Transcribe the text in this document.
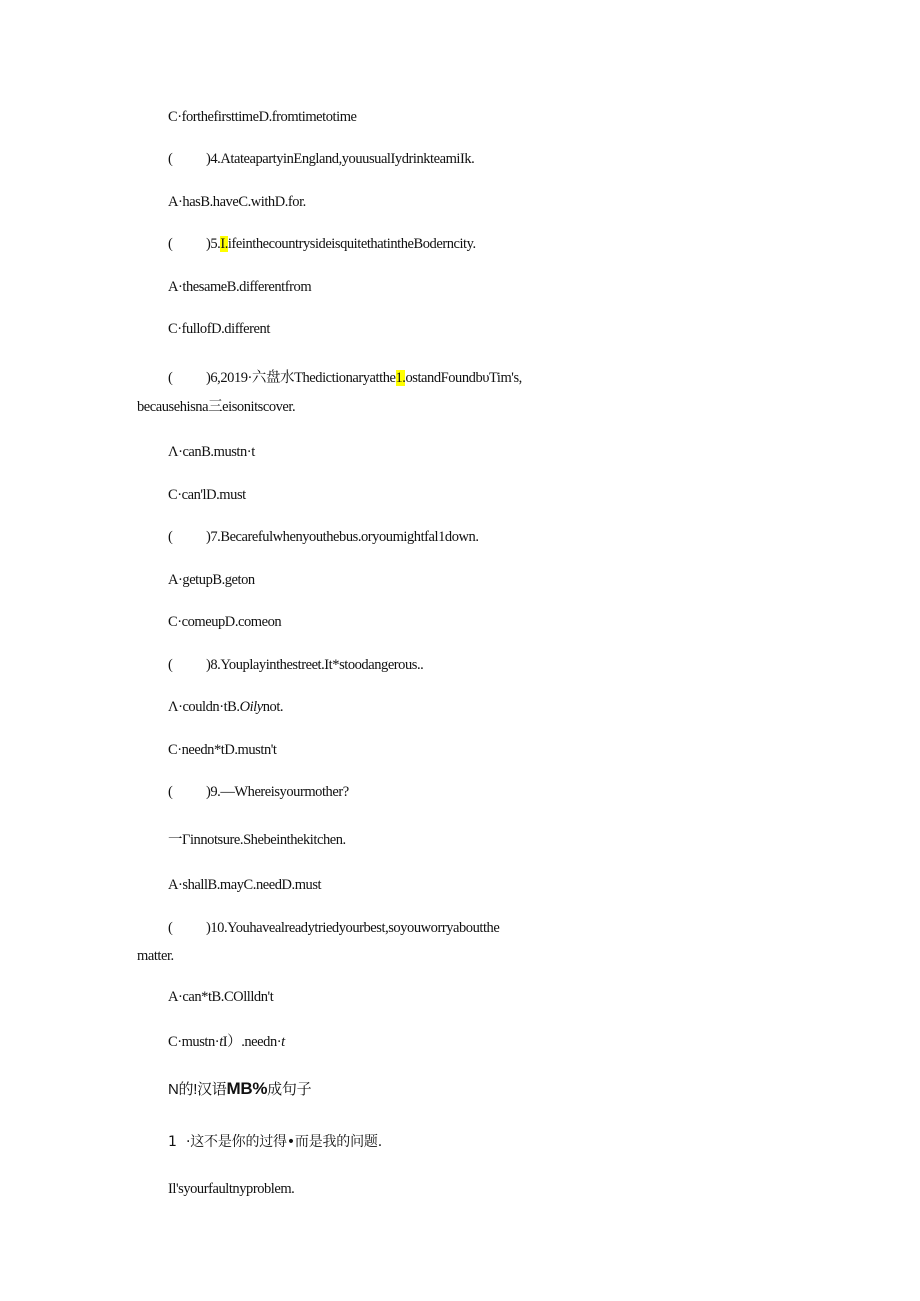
C·forthefirsttimeD.fromtimetotime
( )4.AtateapartyinEngland,youusualIydrinkteamiIk.
A·hasB.haveC.withD.for.
( )5.I.ifeinthecountrysideisquitethatintheBoderncity.
A·thesameB.differentfrom
C·fullofD.different
( )6,2019·六盘水Thedictionaryatthe1.ostandFoundbυTim's,
becausehisna三eisonitscover.
Λ·canB.mustn·t
C·can'lD.must
( )7.Becarefulwhenyouthebus.oryoumightfal1down.
A·getupB.geton
C·comeupD.comeon
( )8.Youplayinthestreet.It*stoodangerous..
Λ·couldn·tB.Oilynot.
C·needn*tD.mustn't
( )9.—Whereisyourmother?
一Γinnotsure.Shebeinthekitchen.
A·shallB.mayC.needD.must
( )10.Youhavealreadytriedyourbest,soyouworryaboutthe
matter.
A·can*tB.COllldn't
C·mustn·tI）.needn·t
N的!汉语MB%成句子
1 ·这不是你的过得•而是我的问题.
Il'syourfaultnyproblem.
